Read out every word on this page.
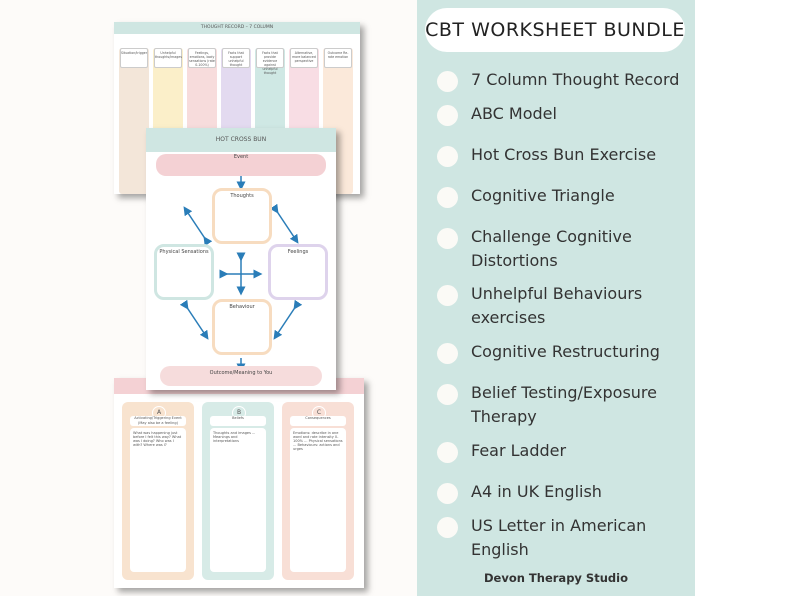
THOUGHT RECORD – 7 COLUMN
Situation/trigger	Unhelpful thoughts/images
Feelings, emotions, body sensations (rate 0-100%)
Facts that support unhelpful thought
Facts that provide evidence against unhelpful thought
Alternative, more balanced perspective
Outcome Re-rate emotion
A
Activating/Triggering Event (May also be a feeling)
What was happening just before I felt this way? What was I doing? Who was I with? Where was I?
B
Beliefs
Thoughts and images ... Meanings and interpretations
C
Consequences
Emotions: describe in one word and rate intensity 0-100% ... Physical sensations ... Behaviours: actions and urges
HOT CROSS BUN
Event
Thoughts
Physical Sensations	Feelings
Behaviour
Outcome/Meaning to You
CBT WORKSHEET BUNDLE
7 Column Thought Record
ABC Model
Hot Cross Bun Exercise
Cognitive Triangle
Challenge Cognitive Distortions
Unhelpful Behaviours exercises
Cognitive Restructuring
Belief Testing/Exposure Therapy
Fear Ladder
A4 in UK English
US Letter in American English
Devon Therapy Studio
